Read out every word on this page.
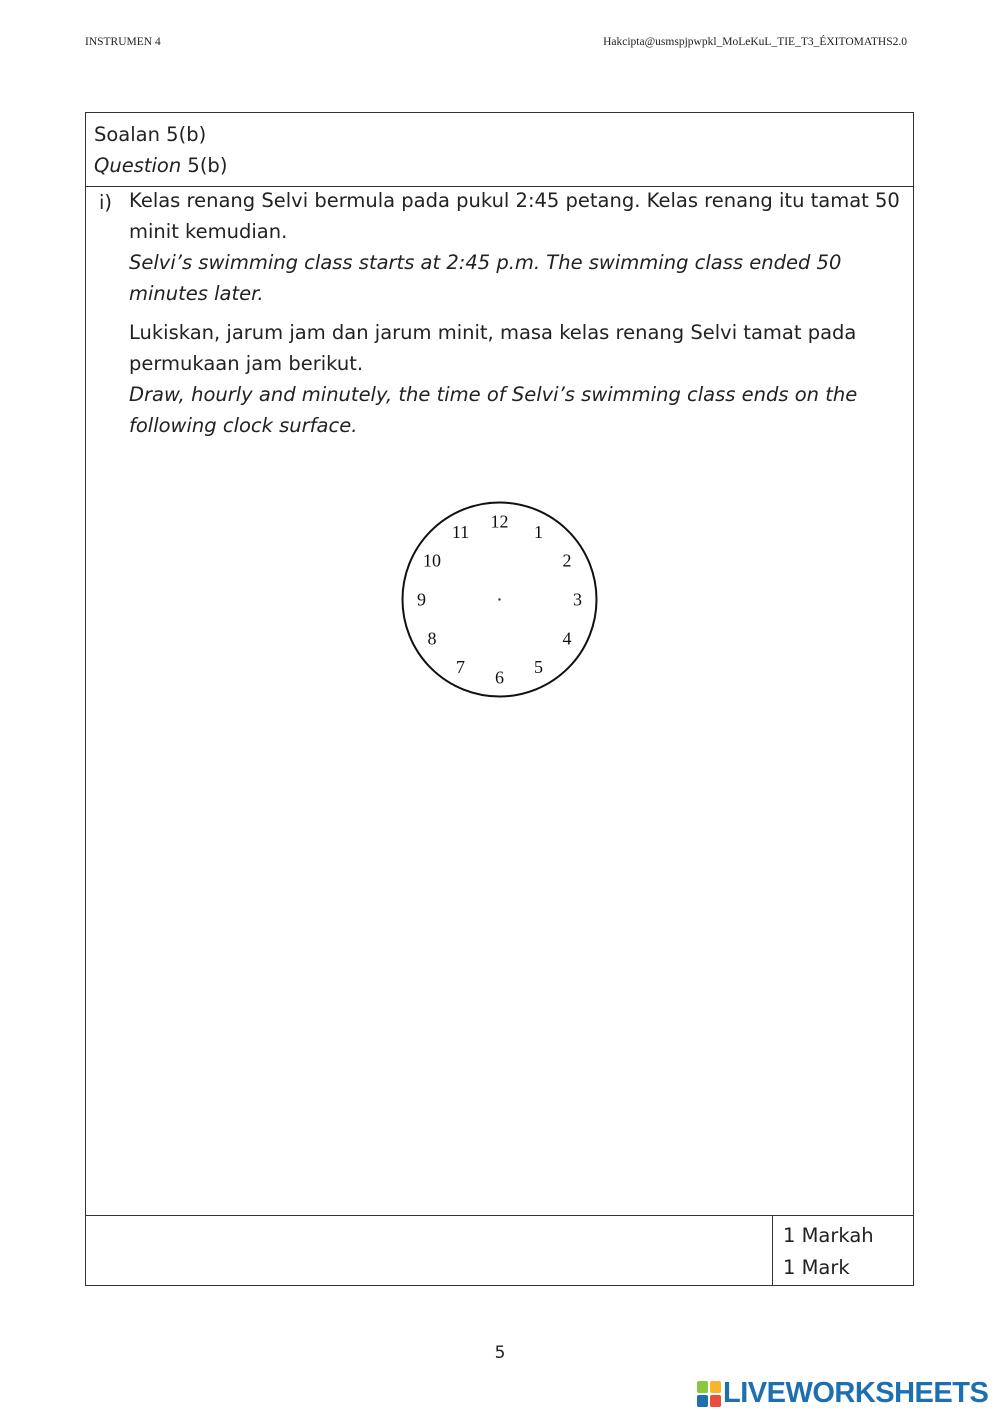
INSTRUMEN 4	Hakcipta@usmspjpwpkl_MoLeKuL_TIE_T3_ÉXITOMATHS2.0
Soalan 5(b)
Question 5(b)
i) Kelas renang Selvi bermula pada pukul 2:45 petang. Kelas renang itu tamat 50 minit kemudian.
Selvi’s swimming class starts at 2:45 p.m. The swimming class ended 50 minutes later.
Lukiskan, jarum jam dan jarum minit, masa kelas renang Selvi tamat pada permukaan jam berikut.
Draw, hourly and minutely, the time of Selvi’s swimming class ends on the following clock surface.
1 Markah
1 Mark
12
1
2
3
4
5
6
7
8
9
10
11
5
LIVEWORKSHEETS
